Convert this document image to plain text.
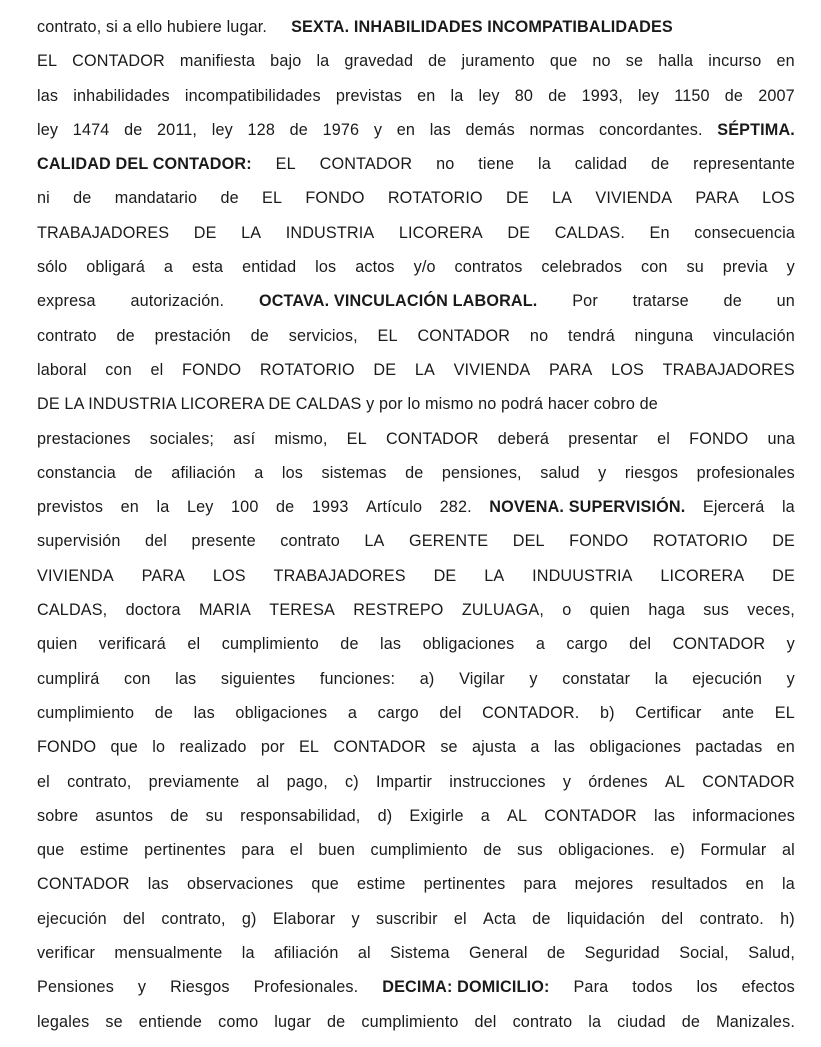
contrato, si a ello hubiere lugar. SEXTA. INHABILIDADES INCOMPATIBALIDADES
EL CONTADOR manifiesta bajo la gravedad de juramento que no se halla incurso en
las inhabilidades incompatibilidades previstas en la ley 80 de 1993, ley 1150 de 2007
ley 1474 de 2011, ley 128 de 1976 y en las demás normas concordantes. SÉPTIMA.
CALIDAD DEL CONTADOR: EL CONTADOR no tiene la calidad de representante
ni de mandatario de EL FONDO ROTATORIO DE LA VIVIENDA PARA LOS
TRABAJADORES DE LA INDUSTRIA LICORERA DE CALDAS. En consecuencia
sólo obligará a esta entidad los actos y/o contratos celebrados con su previa y
expresa autorización. OCTAVA. VINCULACIÓN LABORAL. Por tratarse de un
contrato de prestación de servicios, EL CONTADOR no tendrá ninguna vinculación
laboral con el FONDO ROTATORIO DE LA VIVIENDA PARA LOS TRABAJADORES
DE LA INDUSTRIA LICORERA DE CALDAS y por lo mismo no podrá hacer cobro de
prestaciones sociales; así mismo, EL CONTADOR deberá presentar el FONDO una
constancia de afiliación a los sistemas de pensiones, salud y riesgos profesionales
previstos en la Ley 100 de 1993 Artículo 282. NOVENA. SUPERVISIÓN. Ejercerá la
supervisión del presente contrato LA GERENTE DEL FONDO ROTATORIO DE
VIVIENDA PARA LOS TRABAJADORES DE LA INDUUSTRIA LICORERA DE
CALDAS, doctora MARIA TERESA RESTREPO ZULUAGA, o quien haga sus veces,
quien verificará el cumplimiento de las obligaciones a cargo del CONTADOR y
cumplirá con las siguientes funciones: a) Vigilar y constatar la ejecución y
cumplimiento de las obligaciones a cargo del CONTADOR. b) Certificar ante EL
FONDO que lo realizado por EL CONTADOR se ajusta a las obligaciones pactadas en
el contrato, previamente al pago, c) Impartir instrucciones y órdenes AL CONTADOR
sobre asuntos de su responsabilidad, d) Exigirle a AL CONTADOR las informaciones
que estime pertinentes para el buen cumplimiento de sus obligaciones. e) Formular al
CONTADOR las observaciones que estime pertinentes para mejores resultados en la
ejecución del contrato, g) Elaborar y suscribir el Acta de liquidación del contrato. h)
verificar mensualmente la afiliación al Sistema General de Seguridad Social, Salud,
Pensiones y Riesgos Profesionales. DECIMA: DOMICILIO: Para todos los efectos
legales se entiende como lugar de cumplimiento del contrato la ciudad de Manizales.
